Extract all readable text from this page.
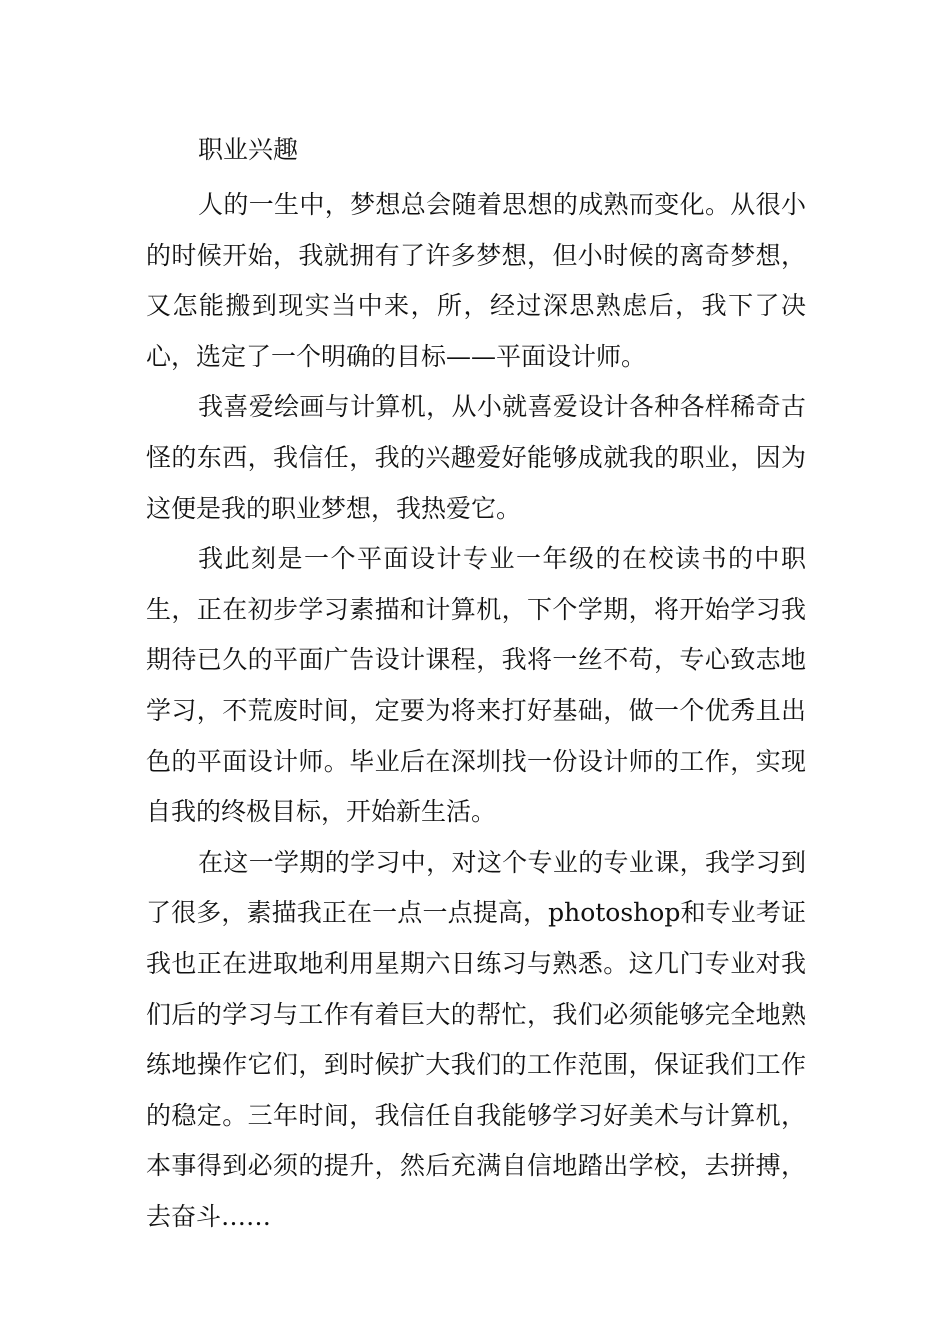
职业兴趣

人的一生中，梦想总会随着思想的成熟而变化。从很小的时候开始，我就拥有了许多梦想，但小时候的离奇梦想，又怎能搬到现实当中来，所，经过深思熟虑后，我下了决心，选定了一个明确的目标——平面设计师。

我喜爱绘画与计算机，从小就喜爱设计各种各样稀奇古怪的东西，我信任，我的兴趣爱好能够成就我的职业，因为这便是我的职业梦想，我热爱它。

我此刻是一个平面设计专业一年级的在校读书的中职生，正在初步学习素描和计算机，下个学期，将开始学习我期待已久的平面广告设计课程，我将一丝不苟，专心致志地学习，不荒废时间，定要为将来打好基础，做一个优秀且出色的平面设计师。毕业后在深圳找一份设计师的工作，实现自我的终极目标，开始新生活。

在这一学期的学习中，对这个专业的专业课，我学习到了很多，素描我正在一点一点提高，photoshop和专业考证我也正在进取地利用星期六日练习与熟悉。这几门专业对我们后的学习与工作有着巨大的帮忙，我们必须能够完全地熟练地操作它们，到时候扩大我们的工作范围，保证我们工作的稳定。三年时间，我信任自我能够学习好美术与计算机，本事得到必须的提升，然后充满自信地踏出学校，去拼搏，去奋斗……
